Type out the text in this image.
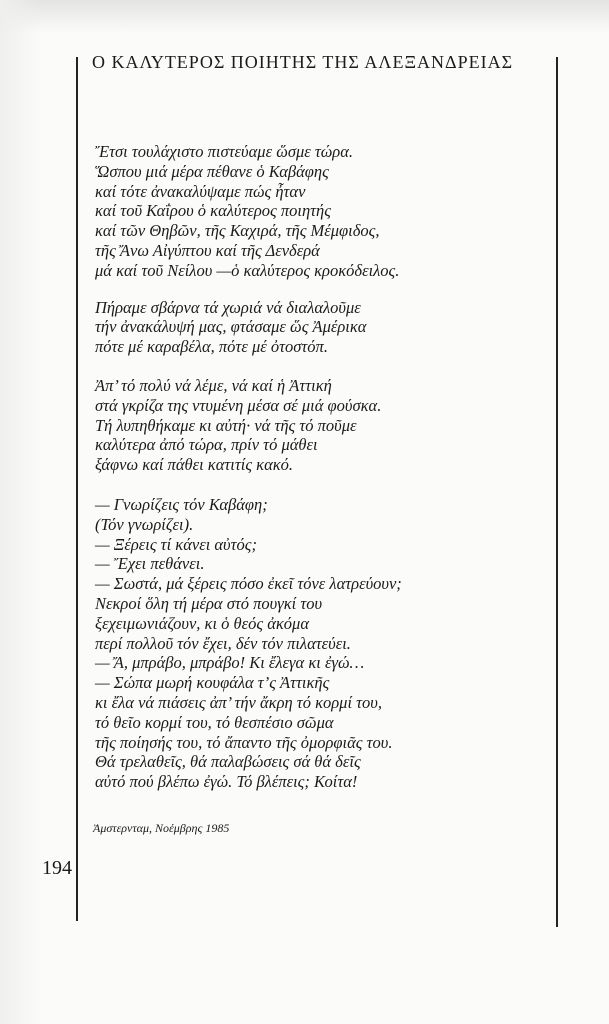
Ο ΚΑΛΥΤΕΡΟΣ ΠΟΙΗΤΗΣ ΤΗΣ ΑΛΕΞΑΝΔΡΕΙΑΣ
Ἔτσι τουλάχιστο πιστεύαμε ὥσμε τώρα.
Ὥσπου μιά μέρα πέθανε ὁ Καβάφης
καί τότε ἀνακαλύψαμε πώς ἦταν
καί τοῦ Καΐρου ὁ καλύτερος ποιητής
καί τῶν Θηβῶν, τῆς Καχιρά, τῆς Μέμφιδος,
τῆς Ἄνω Αἰγύπτου καί τῆς Δενδερά
μά καί τοῦ Νείλου —ὁ καλύτερος κροκόδειλος.
Πήραμε σβάρνα τά χωριά νά διαλαλοῦμε
τήν ἀνακάλυψή μας, φτάσαμε ὥς Ἀμέρικα
πότε μέ καραβέλα, πότε μέ ὀτοστόπ.
Ἀπ’ τό πολύ νά λέμε, νά καί ἡ Ἀττική
στά γκρίζα της ντυμένη μέσα σέ μιά φούσκα.
Τή λυπηθήκαμε κι αὐτή· νά τῆς τό ποῦμε
καλύτερα ἀπό τώρα, πρίν τό μάθει
ξάφνω καί πάθει κατιτίς κακό.
— Γνωρίζεις τόν Καβάφη;
(Τόν γνωρίζει).
— Ξέρεις τί κάνει αὐτός;
— Ἔχει πεθάνει.
— Σωστά, μά ξέρεις πόσο ἐκεῖ τόνε λατρεύουν;
Νεκροί ὅλη τή μέρα στό πουγκί του
ξεχειμωνιάζουν, κι ὁ θεός ἀκόμα
περί πολλοῦ τόν ἔχει, δέν τόν πιλατεύει.
— Ἄ, μπράβο, μπράβο! Κι ἔλεγα κι ἐγώ…
— Σώπα μωρή κουφάλα τ’ς Ἀττικῆς
κι ἔλα νά πιάσεις ἀπ’ τήν ἄκρη τό κορμί του,
τό θεῖο κορμί του, τό θεσπέσιο σῶμα
τῆς ποίησής του, τό ἄπαντο τῆς ὀμορφιᾶς του.
Θά τρελαθεῖς, θά παλαβώσεις σά θά δεῖς
αὐτό πού βλέπω ἐγώ. Τό βλέπεις; Κοίτα!
Ἀμστερνταμ, Νοέμβρης 1985
194
